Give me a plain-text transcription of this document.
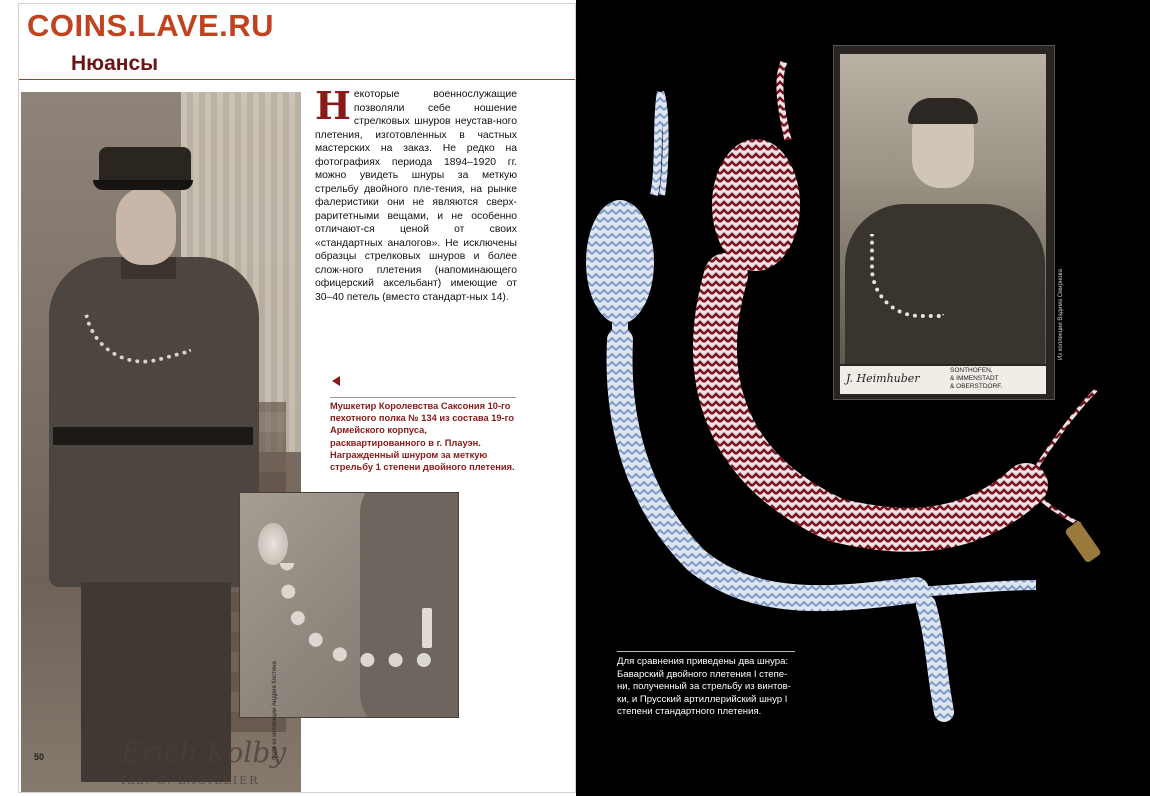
COINS.LAVE.RU
Нюансы
Erich Kolby
Inh. G. LAGILLIER
50
Н екоторые военнослужащие позволяли себе ношение стрелковых шнуров неустав-ного плетения, изготовленных в частных мастерских на заказ. Не редко на фотографиях периода 1894–1920 гг. можно увидеть шнуры за меткую стрельбу двойного пле-тения, на рынке фалеристики они не являются сверх-раритетными вещами, и не особенно отличают-ся ценой от своих «стандартных аналогов». Не исключены образцы стрелковых шнуров и более слож-ного плетения (напоминающего офицерский аксельбант) имеющие от 30–40 петель (вместо стандарт-ных 14).
Мушкетир Королевства Саксония 10-го пехотного полка № 134 из состава 19-го Армейского корпуса, расквартированного в г. Плауэн. Награжденный шнуром за меткую стрельбу 1 степени двойного плетения.
Фото из коллекции Андрея Костина
J. Heimhuber
SONTHOFEN,
& IMMENSTADT
& OBERSTDORF.
Из коллекции Вадима Смирнова
Для сравнения приведены два шнура: Баварский двойного плетения I степе-ни, полученный за стрельбу из винтов-ки, и Прусский артиллерийский шнур I степени стандартного плетения.
